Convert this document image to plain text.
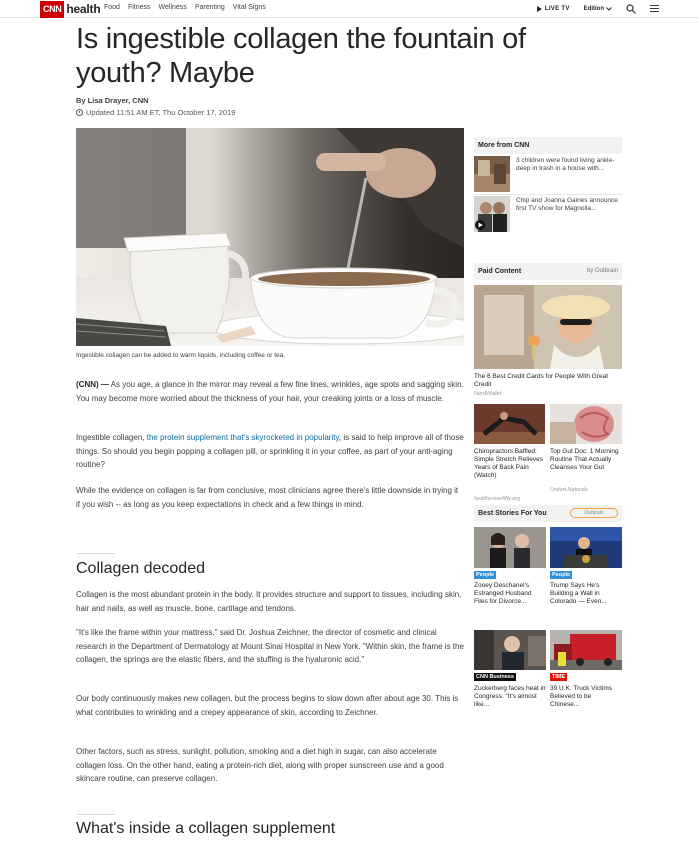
CNN health Food Fitness Wellness Parenting Vital Signs	LIVE TV Edition
Is ingestible collagen the fountain of youth? Maybe
By Lisa Drayer, CNN
Updated 11:51 AM ET, Thu October 17, 2019
Ingestible collagen can be added to warm liquids, including coffee or tea.

(CNN) — As you age, a glance in the mirror may reveal a few fine lines, wrinkles, age spots and sagging skin. You may become more worried about the thickness of your hair, your creaking joints or a loss of muscle.

Ingestible collagen, the protein supplement that's skyrocketed in popularity, is said to help improve all of those things. So should you begin popping a collagen pill, or sprinkling it in your coffee, as part of your anti-aging routine?

While the evidence on collagen is far from conclusive, most clinicians agree there's little downside in trying it if you wish -- as long as you keep expectations in check and a few things in mind.

Collagen decoded

Collagen is the most abundant protein in the body. It provides structure and support to tissues, including skin, hair and nails, as well as muscle, bone, cartilage and tendons.

"It's like the frame within your mattress," said Dr. Joshua Zeichner, the director of cosmetic and clinical research in the Department of Dermatology at Mount Sinai Hospital in New York. "Within skin, the frame is the collagen, the springs are the elastic fibers, and the stuffing is the hyaluronic acid."

Our body continuously makes new collagen, but the process begins to slow down after about age 30. This is what contributes to wrinkling and a crepey appearance of skin, according to Zeichner.

Other factors, such as stress, sunlight, pollution, smoking and a diet high in sugar, can also accelerate collagen loss. On the other hand, eating a protein-rich diet, along with proper sunscreen use and a good skincare routine, can preserve collagen.

What's inside a collagen supplement
More from CNN
3 children were found living ankle-deep in trash in a house with...
Chip and Joanna Gaines announce first TV show for Magnolia...
Paid Content	by Outbrain
The 6 Best Credit Cards for People With Great Credit
NerdWallet
Chiropractors Baffled: Simple Stretch Relieves Years of Back Pain (Watch)
healthyoverfifty.org
Top Gut Doc: 1 Morning Routine That Actually Cleanses Your Gut
United Naturals
Best Stories For You	Outbrain
People
Zooey Deschanel's Estranged Husband Files for Divorce...
People
Trump Says He's Building a Wall in Colorado — Even...
CNN Business
Zuckerberg faces heat in Congress: "It's almost like...
TIME
39 U.K. Truck Victims Believed to be Chinese...
